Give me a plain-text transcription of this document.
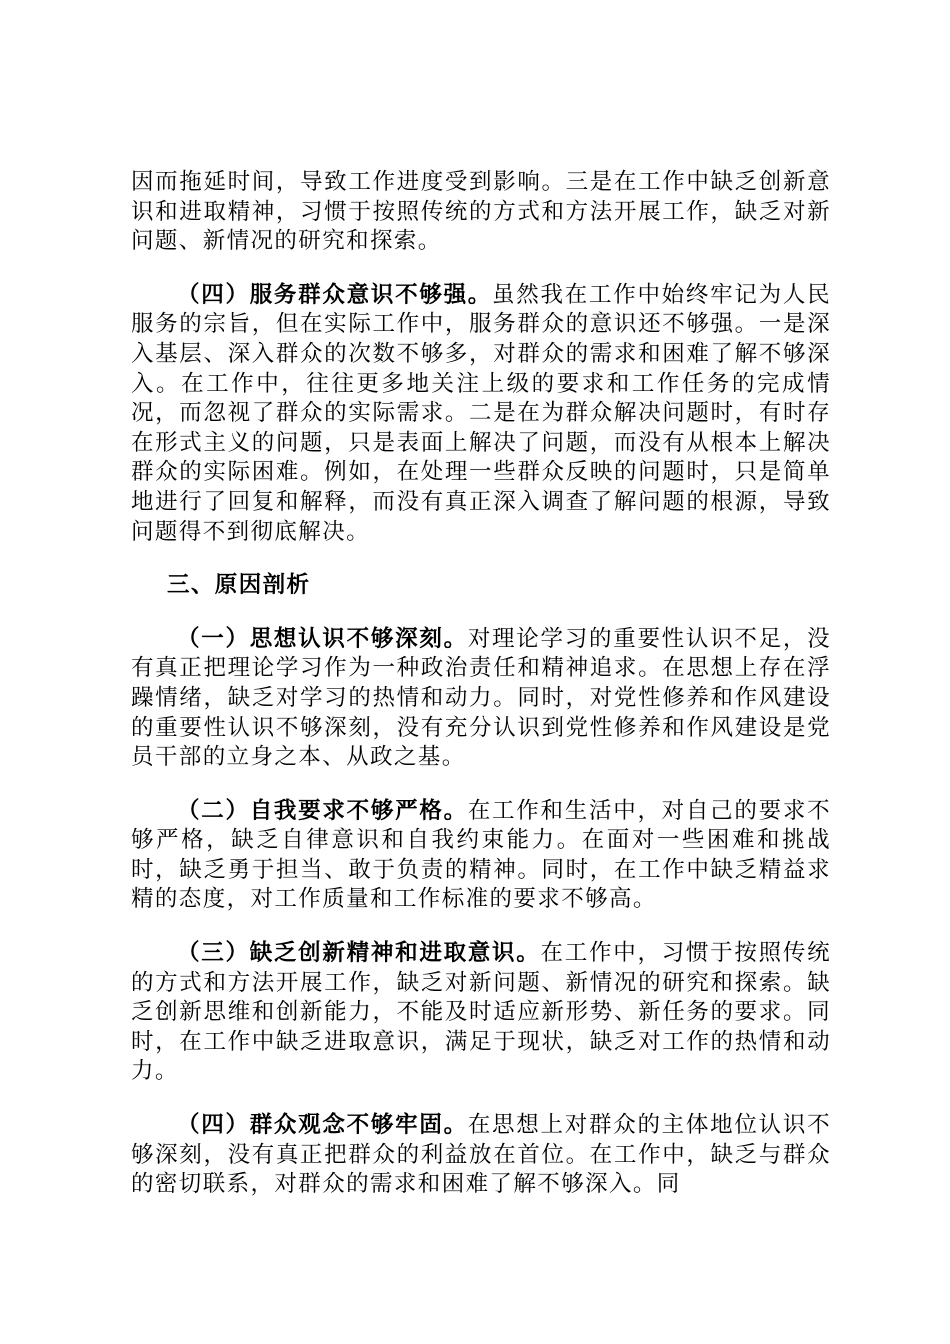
因而拖延时间，导致工作进度受到影响。三是在工作中缺乏创新意识和进取精神，习惯于按照传统的方式和方法开展工作，缺乏对新问题、新情况的研究和探索。

（四）服务群众意识不够强。虽然我在工作中始终牢记为人民服务的宗旨，但在实际工作中，服务群众的意识还不够强。一是深入基层、深入群众的次数不够多，对群众的需求和困难了解不够深入。在工作中，往往更多地关注上级的要求和工作任务的完成情况，而忽视了群众的实际需求。二是在为群众解决问题时，有时存在形式主义的问题，只是表面上解决了问题，而没有从根本上解决群众的实际困难。例如，在处理一些群众反映的问题时，只是简单地进行了回复和解释，而没有真正深入调查了解问题的根源，导致问题得不到彻底解决。

三、原因剖析

（一）思想认识不够深刻。对理论学习的重要性认识不足，没有真正把理论学习作为一种政治责任和精神追求。在思想上存在浮躁情绪，缺乏对学习的热情和动力。同时，对党性修养和作风建设的重要性认识不够深刻，没有充分认识到党性修养和作风建设是党员干部的立身之本、从政之基。

（二）自我要求不够严格。在工作和生活中，对自己的要求不够严格，缺乏自律意识和自我约束能力。在面对一些困难和挑战时，缺乏勇于担当、敢于负责的精神。同时，在工作中缺乏精益求精的态度，对工作质量和工作标准的要求不够高。

（三）缺乏创新精神和进取意识。在工作中，习惯于按照传统的方式和方法开展工作，缺乏对新问题、新情况的研究和探索。缺乏创新思维和创新能力，不能及时适应新形势、新任务的要求。同时，在工作中缺乏进取意识，满足于现状，缺乏对工作的热情和动力。

（四）群众观念不够牢固。在思想上对群众的主体地位认识不够深刻，没有真正把群众的利益放在首位。在工作中，缺乏与群众的密切联系，对群众的需求和困难了解不够深入。同
